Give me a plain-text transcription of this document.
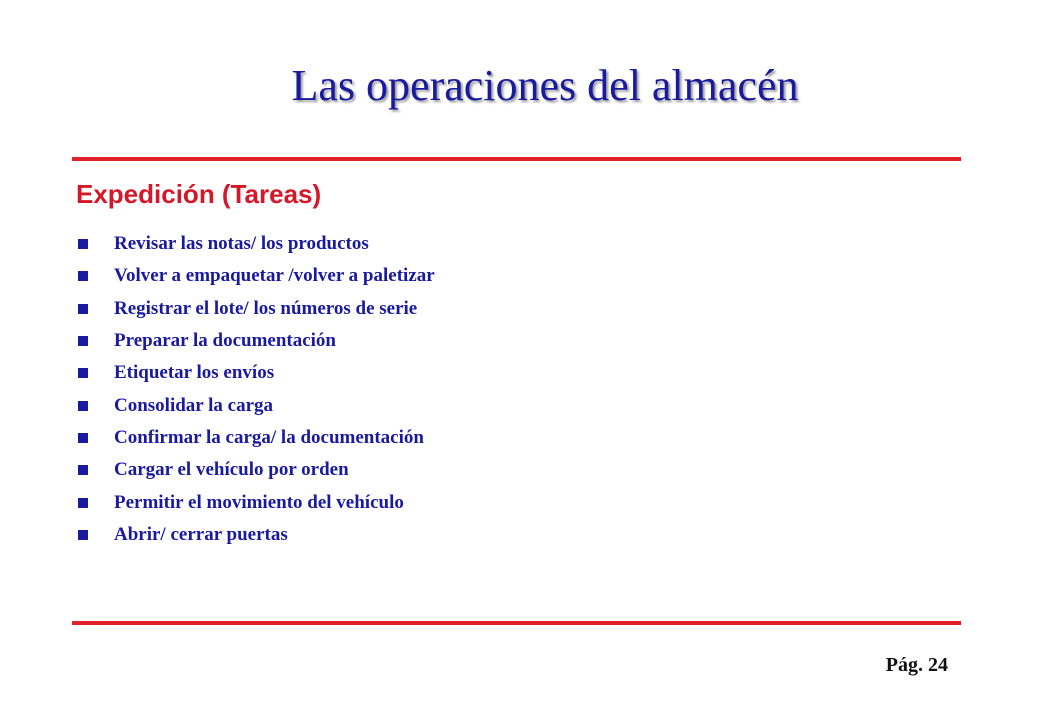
Las operaciones del almacén
Expedición (Tareas)
Revisar las notas/ los productos
Volver a empaquetar /volver a paletizar
Registrar el lote/ los números de serie
Preparar la documentación
Etiquetar los envíos
Consolidar la carga
Confirmar la carga/ la documentación
Cargar el vehículo por orden
Permitir el movimiento del vehículo
Abrir/ cerrar puertas
Pág. 24
